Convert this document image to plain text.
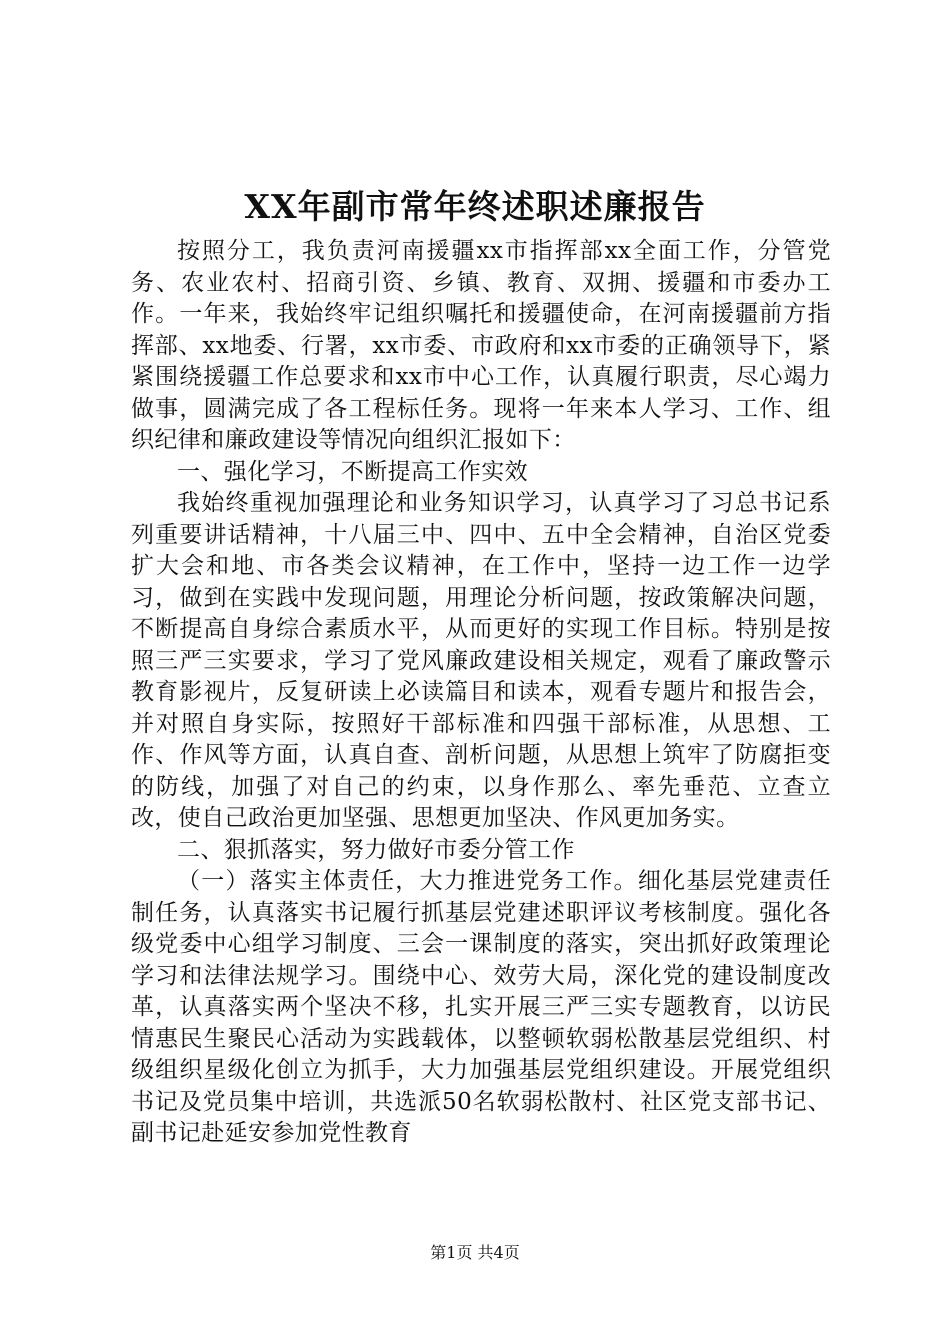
XX年副市常年终述职述廉报告

按照分工，我负责河南援疆xx市指挥部xx全面工作，分管党务、农业农村、招商引资、乡镇、教育、双拥、援疆和市委办工作。一年来，我始终牢记组织嘱托和援疆使命，在河南援疆前方指挥部、xx地委、行署，xx市委、市政府和xx市委的正确领导下，紧紧围绕援疆工作总要求和xx市中心工作，认真履行职责，尽心竭力做事，圆满完成了各工程标任务。现将一年来本人学习、工作、组织纪律和廉政建设等情况向组织汇报如下：

一、强化学习，不断提高工作实效

我始终重视加强理论和业务知识学习，认真学习了习总书记系列重要讲话精神，十八届三中、四中、五中全会精神，自治区党委扩大会和地、市各类会议精神，在工作中，坚持一边工作一边学习，做到在实践中发现问题，用理论分析问题，按政策解决问题，不断提高自身综合素质水平，从而更好的实现工作目标。特别是按照三严三实要求，学习了党风廉政建设相关规定，观看了廉政警示教育影视片，反复研读上必读篇目和读本，观看专题片和报告会，并对照自身实际，按照好干部标准和四强干部标准，从思想、工作、作风等方面，认真自查、剖析问题，从思想上筑牢了防腐拒变的防线，加强了对自己的约束，以身作那么、率先垂范、立查立改，使自己政治更加坚强、思想更加坚决、作风更加务实。

二、狠抓落实，努力做好市委分管工作

（一）落实主体责任，大力推进党务工作。细化基层党建责任制任务，认真落实书记履行抓基层党建述职评议考核制度。强化各级党委中心组学习制度、三会一课制度的落实，突出抓好政策理论学习和法律法规学习。围绕中心、效劳大局，深化党的建设制度改革，认真落实两个坚决不移，扎实开展三严三实专题教育，以访民情惠民生聚民心活动为实践载体，以整顿软弱松散基层党组织、村级组织星级化创立为抓手，大力加强基层党组织建设。开展党组织书记及党员集中培训，共选派50名软弱松散村、社区党支部书记、副书记赴延安参加党性教育

第1页 共4页
